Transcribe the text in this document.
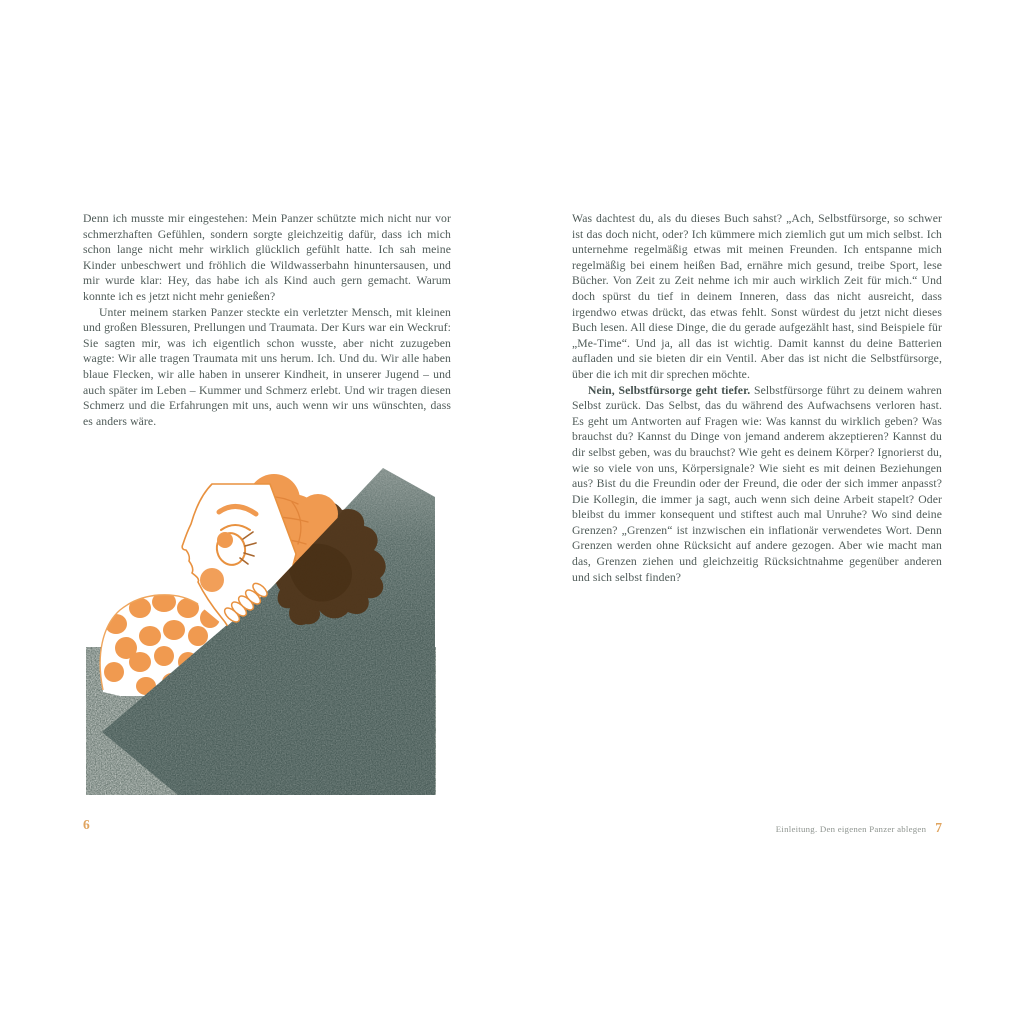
Denn ich musste mir eingestehen: Mein Panzer schützte mich nicht nur vor schmerzhaften Gefühlen, sondern sorgte gleichzeitig dafür, dass ich mich schon lange nicht mehr wirklich glücklich gefühlt hatte. Ich sah meine Kinder unbeschwert und fröhlich die Wildwasserbahn hinuntersausen, und mir wurde klar: Hey, das habe ich als Kind auch gern gemacht. Warum konnte ich es jetzt nicht mehr genießen?

Unter meinem starken Panzer steckte ein verletzter Mensch, mit kleinen und großen Blessuren, Prellungen und Traumata. Der Kurs war ein Weckruf: Sie sagten mir, was ich eigentlich schon wusste, aber nicht zuzugeben wagte: Wir alle tragen Traumata mit uns herum. Ich. Und du. Wir alle haben blaue Flecken, wir alle haben in unserer Kindheit, in unserer Jugend – und auch später im Leben – Kummer und Schmerz erlebt. Und wir tragen diesen Schmerz und die Erfahrungen mit uns, auch wenn wir uns wünschten, dass es anders wäre.

Was dachtest du, als du dieses Buch sahst? „Ach, Selbstfürsorge, so schwer ist das doch nicht, oder? Ich kümmere mich ziemlich gut um mich selbst. Ich unternehme regelmäßig etwas mit meinen Freunden. Ich entspanne mich regelmäßig bei einem heißen Bad, ernähre mich gesund, treibe Sport, lese Bücher. Von Zeit zu Zeit nehme ich mir auch wirklich Zeit für mich.“ Und doch spürst du tief in deinem Inneren, dass das nicht ausreicht, dass irgendwo etwas drückt, das etwas fehlt. Sonst würdest du jetzt nicht dieses Buch lesen. All diese Dinge, die du gerade aufgezählt hast, sind Beispiele für „Me-Time“. Und ja, all das ist wichtig. Damit kannst du deine Batterien aufladen und sie bieten dir ein Ventil. Aber das ist nicht die Selbstfürsorge, über die ich mit dir sprechen möchte.

Nein, Selbstfürsorge geht tiefer. Selbstfürsorge führt zu deinem wahren Selbst zurück. Das Selbst, das du während des Aufwachsens verloren hast. Es geht um Antworten auf Fragen wie: Was kannst du wirklich geben? Was brauchst du? Kannst du Dinge von jemand anderem akzeptieren? Kannst du dir selbst geben, was du brauchst? Wie geht es deinem Körper? Ignorierst du, wie so viele von uns, Körpersignale? Wie sieht es mit deinen Beziehungen aus? Bist du die Freundin oder der Freund, die oder der sich immer anpasst? Die Kollegin, die immer ja sagt, auch wenn sich deine Arbeit stapelt? Oder bleibst du immer konsequent und stiftest auch mal Unruhe? Wo sind deine Grenzen? „Grenzen“ ist inzwischen ein inflationär verwendetes Wort. Denn Grenzen werden ohne Rücksicht auf andere gezogen. Aber wie macht man das, Grenzen ziehen und gleichzeitig Rücksichtnahme gegenüber anderen und sich selbst finden?

6	Einleitung. Den eigenen Panzer ablegen 7
